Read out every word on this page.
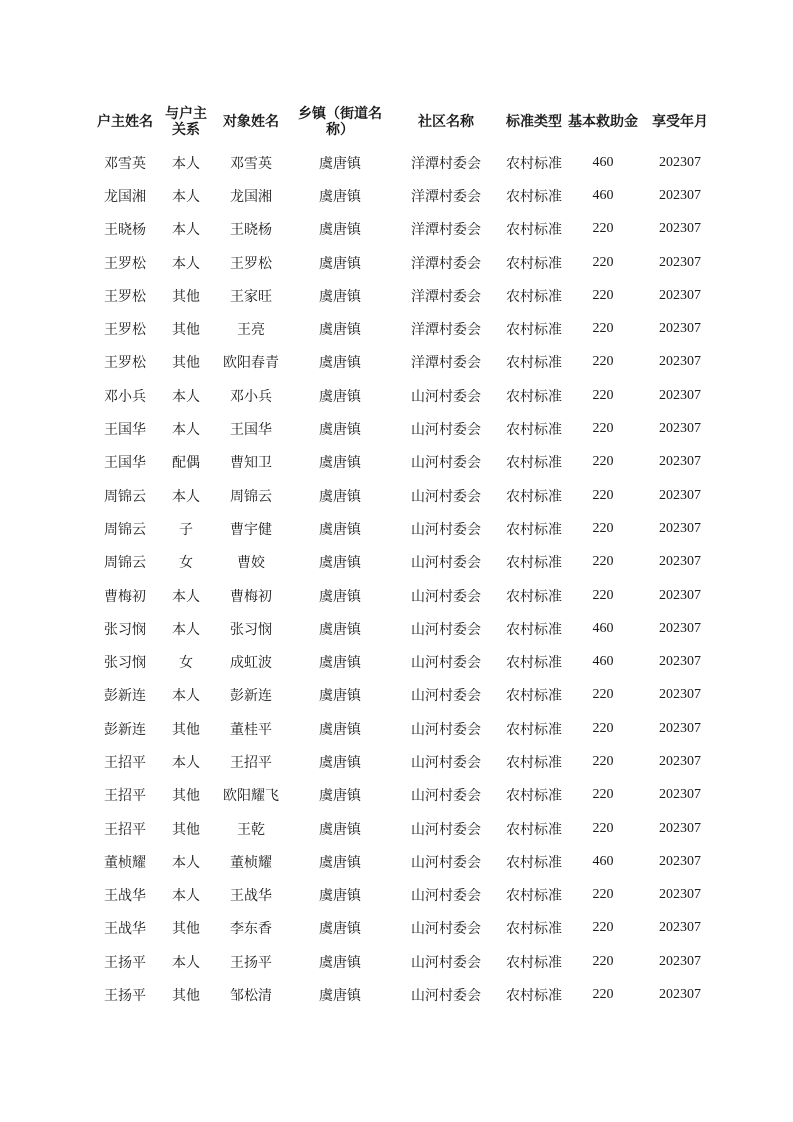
户主姓名	与户主关系	对象姓名	乡镇（街道名称）	社区名称	标准类型	基本救助金	享受年月
邓雪英	本人	邓雪英	虞唐镇	洋潭村委会	农村标准	460	202307
龙国湘	本人	龙国湘	虞唐镇	洋潭村委会	农村标准	460	202307
王晓杨	本人	王晓杨	虞唐镇	洋潭村委会	农村标准	220	202307
王罗松	本人	王罗松	虞唐镇	洋潭村委会	农村标准	220	202307
王罗松	其他	王家旺	虞唐镇	洋潭村委会	农村标准	220	202307
王罗松	其他	王亮	虞唐镇	洋潭村委会	农村标准	220	202307
王罗松	其他	欧阳春青	虞唐镇	洋潭村委会	农村标准	220	202307
邓小兵	本人	邓小兵	虞唐镇	山河村委会	农村标准	220	202307
王国华	本人	王国华	虞唐镇	山河村委会	农村标准	220	202307
王国华	配偶	曹知卫	虞唐镇	山河村委会	农村标准	220	202307
周锦云	本人	周锦云	虞唐镇	山河村委会	农村标准	220	202307
周锦云	子	曹宇健	虞唐镇	山河村委会	农村标准	220	202307
周锦云	女	曹姣	虞唐镇	山河村委会	农村标准	220	202307
曹梅初	本人	曹梅初	虞唐镇	山河村委会	农村标准	220	202307
张习悯	本人	张习悯	虞唐镇	山河村委会	农村标准	460	202307
张习悯	女	成虹波	虞唐镇	山河村委会	农村标准	460	202307
彭新连	本人	彭新连	虞唐镇	山河村委会	农村标准	220	202307
彭新连	其他	董桂平	虞唐镇	山河村委会	农村标准	220	202307
王招平	本人	王招平	虞唐镇	山河村委会	农村标准	220	202307
王招平	其他	欧阳耀飞	虞唐镇	山河村委会	农村标准	220	202307
王招平	其他	王乾	虞唐镇	山河村委会	农村标准	220	202307
董桢耀	本人	董桢耀	虞唐镇	山河村委会	农村标准	460	202307
王战华	本人	王战华	虞唐镇	山河村委会	农村标准	220	202307
王战华	其他	李东香	虞唐镇	山河村委会	农村标准	220	202307
王扬平	本人	王扬平	虞唐镇	山河村委会	农村标准	220	202307
王扬平	其他	邹松清	虞唐镇	山河村委会	农村标准	220	202307
